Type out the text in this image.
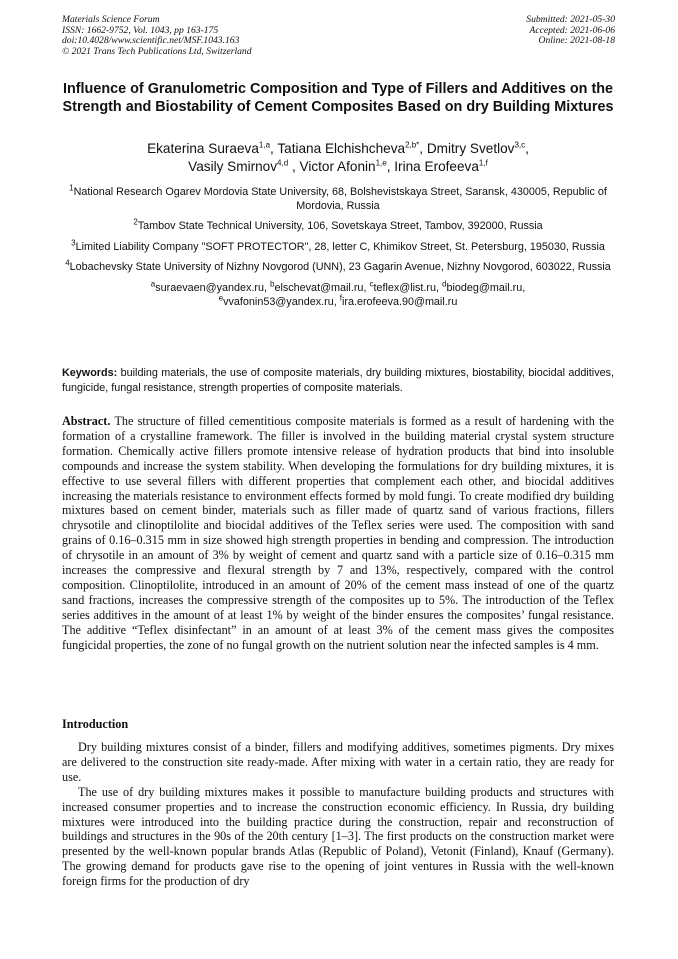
Materials Science Forum
ISSN: 1662-9752, Vol. 1043, pp 163-175
doi:10.4028/www.scientific.net/MSF.1043.163
© 2021 Trans Tech Publications Ltd, Switzerland
Submitted: 2021-05-30
Accepted: 2021-06-06
Online: 2021-08-18
Influence of Granulometric Composition and Type of Fillers and Additives on the Strength and Biostability of Cement Composites Based on dry Building Mixtures
Ekaterina Suraeva$^{1,a}$, Tatiana Elchishcheva$^{2,b*}$, Dmitry Svetlov$^{3,c}$,
Vasily Smirnov$^{4,d}$ , Victor Afonin$^{1,e}$, Irina Erofeeva$^{1,f}$
$^1$National Research Ogarev Mordovia State University, 68, Bolshevistskaya Street, Saransk, 430005, Republic of Mordovia, Russia
$^2$Tambov State Technical University, 106, Sovetskaya Street, Tambov, 392000, Russia
$^3$Limited Liability Company "SOFT PROTECTOR", 28, letter C, Khimikov Street, St. Petersburg, 195030, Russia
$^4$Lobachevsky State University of Nizhny Novgorod (UNN), 23 Gagarin Avenue, Nizhny Novgorod, 603022, Russia
$^a$suraevaen@yandex.ru, $^b$elschevat@mail.ru, $^c$teflex@list.ru, $^d$biodeg@mail.ru,
$^e$vvafonin53@yandex.ru, $^f$ira.erofeeva.90@mail.ru
Keywords: building materials, the use of composite materials, dry building mixtures, biostability, biocidal additives, fungicide, fungal resistance, strength properties of composite materials.
Abstract. The structure of filled cementitious composite materials is formed as a result of hardening with the formation of a crystalline framework. The filler is involved in the building material crystal system structure formation. Chemically active fillers promote intensive release of hydration products that bind into insoluble compounds and increase the system stability. When developing the formulations for dry building mixtures, it is effective to use several fillers with different properties that complement each other, and biocidal additives increasing the materials resistance to environment effects formed by mold fungi. To create modified dry building mixtures based on cement binder, materials such as filler made of quartz sand of various fractions, fillers chrysotile and clinoptilolite and biocidal additives of the Teflex series were used. The composition with sand grains of 0.16–0.315 mm in size showed high strength properties in bending and compression. The introduction of chrysotile in an amount of 3% by weight of cement and quartz sand with a particle size of 0.16–0.315 mm increases the compressive and flexural strength by 7 and 13%, respectively, compared with the control composition. Clinoptilolite, introduced in an amount of 20% of the cement mass instead of one of the quartz sand fractions, increases the compressive strength of the composites up to 5%. The introduction of the Teflex series additives in the amount of at least 1% by weight of the binder ensures the composites’ fungal resistance. The additive “Teflex disinfectant” in an amount of at least 3% of the cement mass gives the composites fungicidal properties, the zone of no fungal growth on the nutrient solution near the infected samples is 4 mm.
Introduction

Dry building mixtures consist of a binder, fillers and modifying additives, sometimes pigments. Dry mixes are delivered to the construction site ready-made. After mixing with water in a certain ratio, they are ready for use.

The use of dry building mixtures makes it possible to manufacture building products and structures with increased consumer properties and to increase the construction economic efficiency. In Russia, dry building mixtures were introduced into the building practice during the construction, repair and reconstruction of buildings and structures in the 90s of the 20th century [1–3]. The first products on the construction market were presented by the well-known popular brands Atlas (Republic of Poland), Vetonit (Finland), Knauf (Germany). The growing demand for products gave rise to the opening of joint ventures in Russia with the well-known foreign firms for the production of dry
